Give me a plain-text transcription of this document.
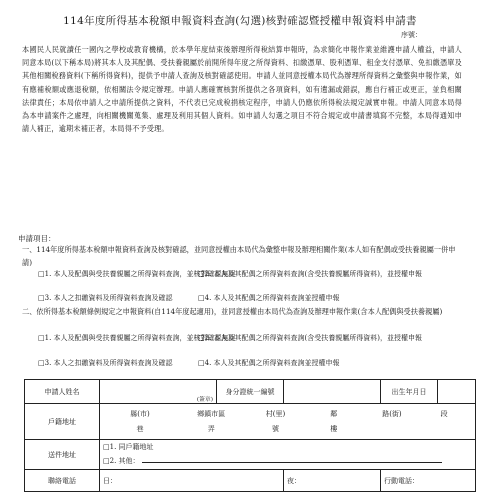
114年度所得基本稅額申報資料查詢(勾選)核對確認暨授權申報資料申請書
序號：

本國民人民就讀任一國內之學校或教育機構，於本學年度結束後辦理所得稅結算申報時，為求簡化申報作業並維護申請人權益，申請人同意本局(以下稱本局)將其本人及其配偶、受扶養親屬於前開所得年度之所得資料、扣繳憑單、股利憑單、租金支付憑單、免扣繳憑單及其他相關稅務資料(下稱所得資料)，提供予申請人查詢及核對確認使用。申請人並同意授權本局代為辦理所得資料之彙整與申報作業，如有應補稅額或應退稅額，依相關法令規定辦理。申請人應確實核對所提供之各項資料，如有遺漏或錯誤，應自行補正或更正，並負相關法律責任；本局依申請人之申請所提供之資料，不代表已完成稅捐核定程序，申請人仍應依所得稅法規定誠實申報。申請人同意本局得為本申請案件之處理，向相關機關蒐集、處理及利用其個人資料。如申請人勾選之項目不符合規定或申請書填寫不完整，本局得通知申請人補正，逾期未補正者，本局得不予受理。

申請項目：
一、114年度所得基本稅額申報資料查詢及核對確認，並同意授權由本局代為彙整申報及辦理相關作業(本人如有配偶或受扶養親屬一併申請)
□1. 本人及配偶與受扶養親屬之所得資料查詢，並核對確認無誤
□2. 本人及其配偶之所得資料查詢(含受扶養親屬所得資料)，並授權申報
□3. 本人之扣繳資料及所得資料查詢及確認	□4. 本人及其配偶之所得資料查詢並授權申報
二、依所得基本稅額條例規定之申報資料(自114年度起適用)，並同意授權由本局代為查詢及辦理申報作業(含本人配偶與受扶養親屬)
□1. 本人及配偶與受扶養親屬之所得資料查詢，並核對確認無誤
□2. 本人及其配偶之所得資料查詢(含受扶養親屬所得資料)，並授權申報
□3. 本人之扣繳資料及所得資料查詢及確認	□4. 本人及其配偶之所得資料查詢並授權申報
申請人姓名	(簽章)	身分證統一編號		出生年月日	
戶籍地址	縣(市) 鄉鎮市區 村(里) 鄰 路(街) 段
巷 弄 號 樓				

送件地址	□1. 同戶籍地址
□2. 其他：				

聯絡電話	日：		夜：	行動電話：	
